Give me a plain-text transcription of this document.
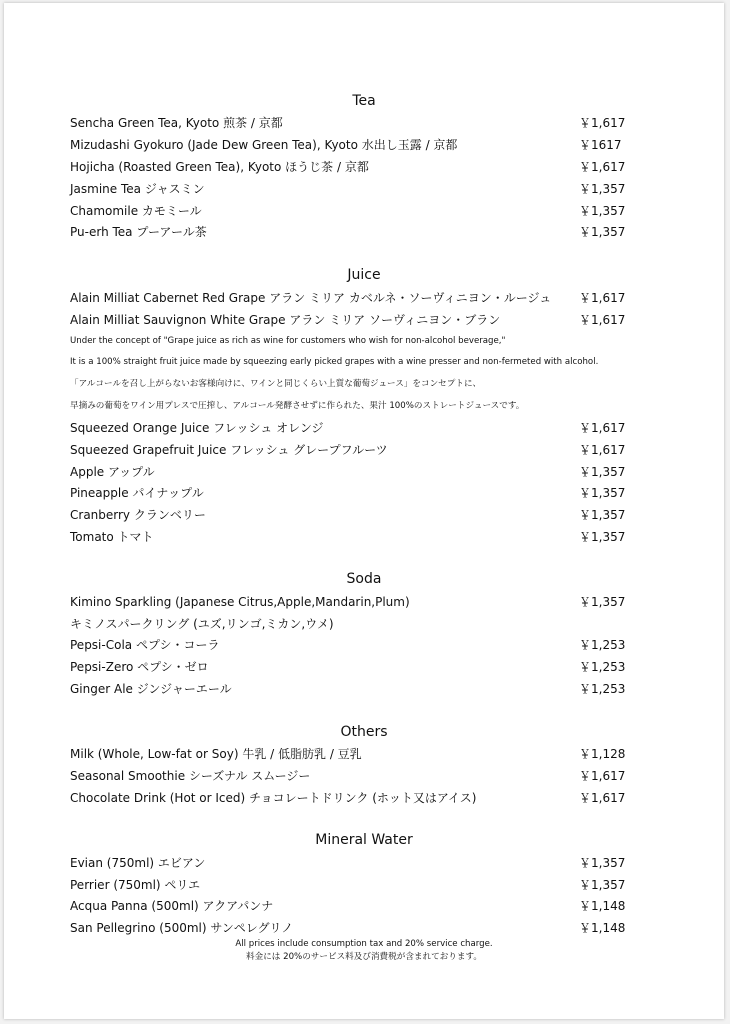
Tea
Sencha Green Tea, Kyoto 煎茶 / 京都	￥1,617
Mizudashi Gyokuro (Jade Dew Green Tea), Kyoto 水出し玉露 / 京都	￥1617
Hojicha (Roasted Green Tea), Kyoto ほうじ茶 / 京都	￥1,617
Jasmine Tea ジャスミン	￥1,357
Chamomile カモミール	￥1,357
Pu-erh Tea プーアール茶	￥1,357
Juice
Alain Milliat Cabernet Red Grape アラン ミリア カベルネ・ソーヴィニヨン・ルージュ ￥1,617
Alain Milliat Sauvignon White Grape アラン ミリア ソーヴィニヨン・ブラン	￥1,617
Under the concept of "Grape juice as rich as wine for customers who wish for non-alcohol beverage,"
It is a 100% straight fruit juice made by squeezing early picked grapes with a wine presser and non-fermeted with alcohol.
「アルコールを召し上がらないお客様向けに、ワインと同じくらい上質な葡萄ジュース」をコンセプトに、
早摘みの葡萄をワイン用プレスで圧搾し、アルコール発酵させずに作られた、果汁 100%のストレートジュースです。
Squeezed Orange Juice フレッシュ オレンジ	￥1,617
Squeezed Grapefruit Juice フレッシュ グレープフルーツ	￥1,617
Apple アップル	￥1,357
Pineapple パイナップル	￥1,357
Cranberry クランベリー	￥1,357
Tomato トマト	￥1,357
Soda
Kimino Sparkling (Japanese Citrus,Apple,Mandarin,Plum)	￥1,357
キミノスパークリング (ユズ,リンゴ,ミカン,ウメ)
Pepsi-Cola ペプシ・コーラ	￥1,253
Pepsi-Zero ペプシ・ゼロ	￥1,253
Ginger Ale ジンジャーエール	￥1,253
Others
Milk (Whole, Low-fat or Soy) 牛乳 / 低脂肪乳 / 豆乳	￥1,128
Seasonal Smoothie シーズナル スムージー	￥1,617
Chocolate Drink (Hot or Iced) チョコレートドリンク (ホット又はアイス)	￥1,617
Mineral Water
Evian (750ml) エビアン	￥1,357
Perrier (750ml) ペリエ	￥1,357
Acqua Panna (500ml) アクアパンナ	￥1,148
San Pellegrino (500ml) サンペレグリノ	￥1,148
All prices include consumption tax and 20% service charge.
料金には 20%のサービス料及び消費税が含まれております。
